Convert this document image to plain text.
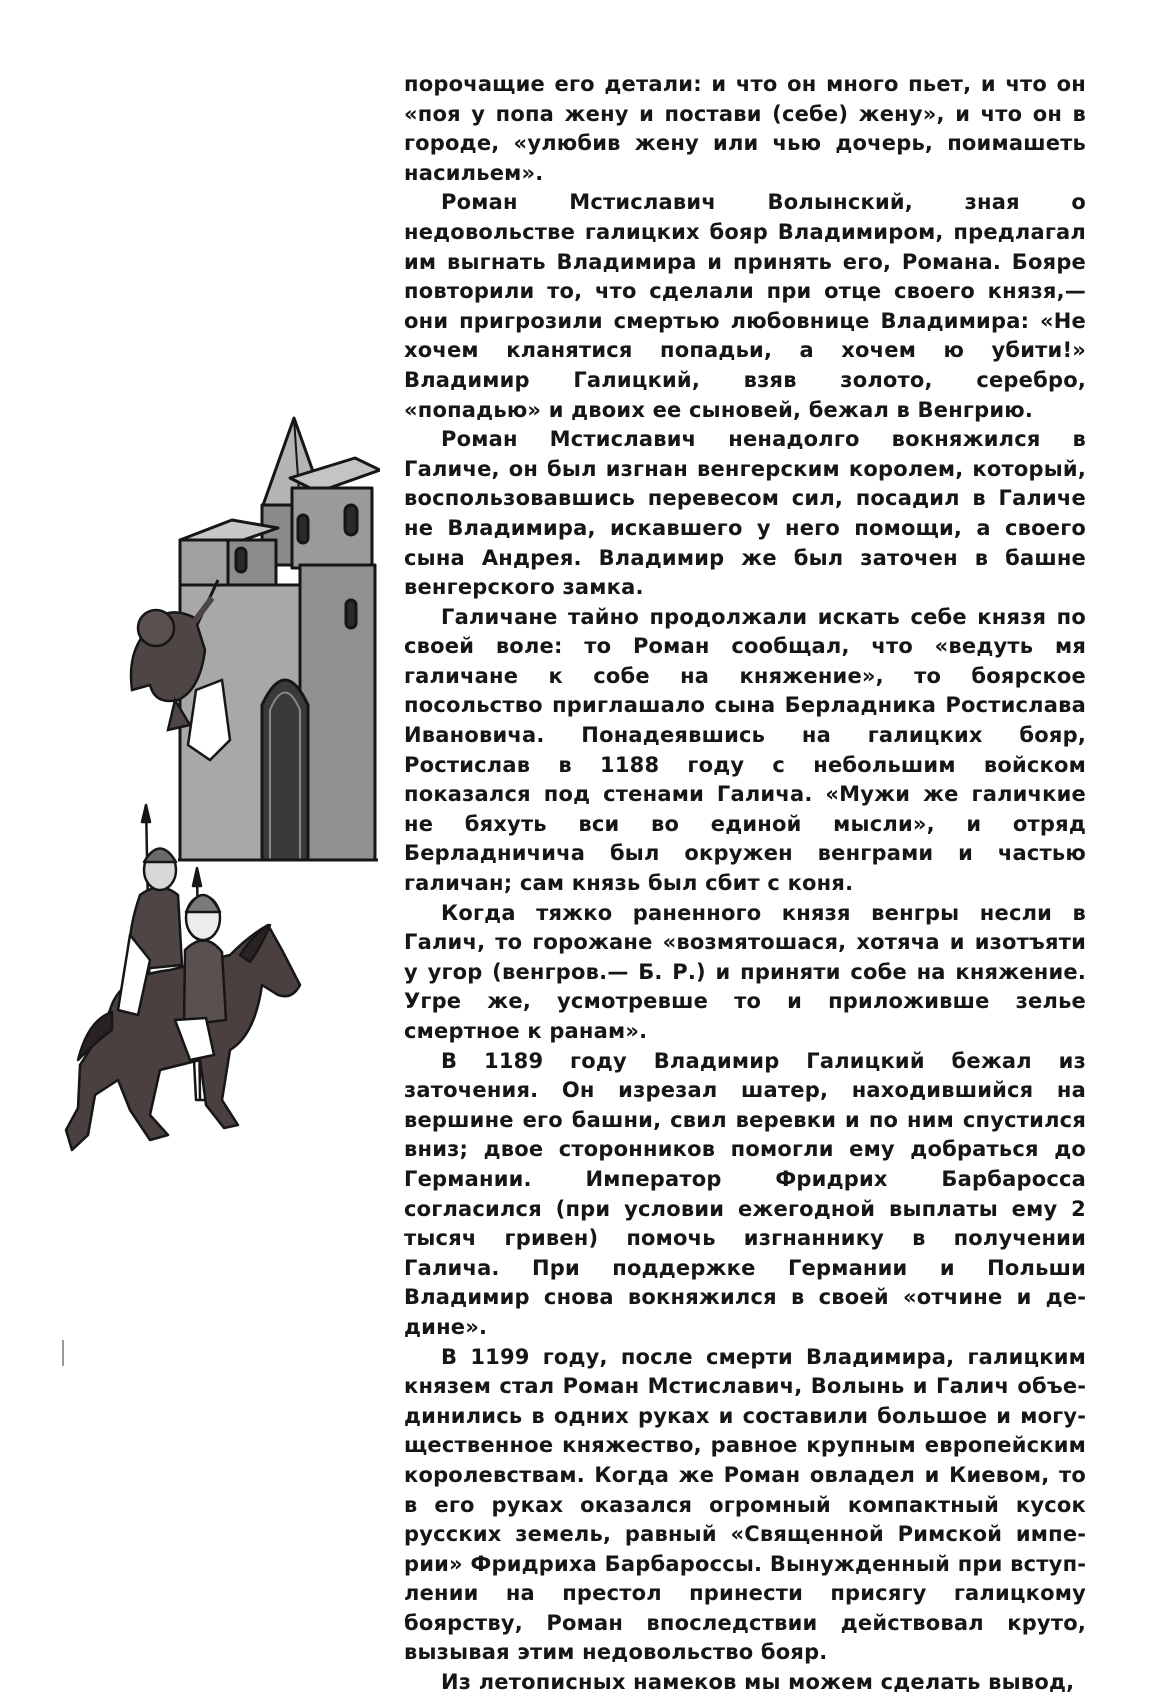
порочащие его детали: и что он много пьет, и что он «поя у попа жену и постави (себе) жену», и что он в городе, «улюбив жену или чью дочерь, поимашеть насильем».

Роман Мстиславич Волынский, зная о недовольстве галицких бояр Владимиром, предлагал им выгнать Владимира и принять его, Романа. Бояре повторили то, что сделали при отце своего князя,— они пригрозили смертью любовнице Владимира: «Не хочем кланятися попадьи, а хочем ю убити!» Владимир Галицкий, взяв золото, серебро, «попадью» и двоих ее сыновей, бежал в Венгрию.

Роман Мстиславич ненадолго вокняжился в Галиче, он был изгнан венгерским королем, который, воспользовавшись перевесом сил, посадил в Галиче не Владимира, искавшего у него помощи, а своего сына Андрея. Владимир же был заточен в башне венгерского замка.

Галичане тайно продолжали искать себе князя по своей воле: то Роман сообщал, что «ведуть мя галичане к собе на княжение», то боярское посольство приглашало сына Берладника Ростислава Ивановича. Понадеявшись на галицких бояр, Ростислав в 1188 году с небольшим войском показался под стенами Галича. «Мужи же галичкие не бяхуть вси во единой мысли», и отряд Берладничича был окружен венграми и частью галичан; сам князь был сбит с коня.

Когда тяжко раненного князя венгры несли в Галич, то горожане «возмятошася, хотяча и изотъяти у угор (венгров.— Б. Р.) и приняти собе на княжение. Угре же, усмотревше то и приложивше зелье смертное к ранам».

В 1189 году Владимир Галицкий бежал из заточения. Он изрезал шатер, находившийся на вершине его башни, свил веревки и по ним спустился вниз; двое сторонников помогли ему добраться до Германии. Император Фридрих Барбаросса согласился (при условии ежегодной выплаты ему 2 тысяч гривен) помочь изгнаннику в получении Галича. При поддержке Германии и Польши Владимир снова вокняжился в своей «отчине и дедине».

В 1199 году, после смерти Владимира, галицким князем стал Роман Мстиславич, Волынь и Галич объединились в одних руках и составили большое и могущественное княжество, равное крупным европейским королевствам. Когда же Роман овладел и Киевом, то в его руках оказался огромный компактный кусок русских земель, равный «Священной Римской империи» Фридриха Барбароссы. Вынужденный при вступлении на престол принести присягу галицкому боярству, Роман впоследствии действовал круто, вызывая этим недовольство бояр.

Из летописных намеков мы можем сделать вывод,
